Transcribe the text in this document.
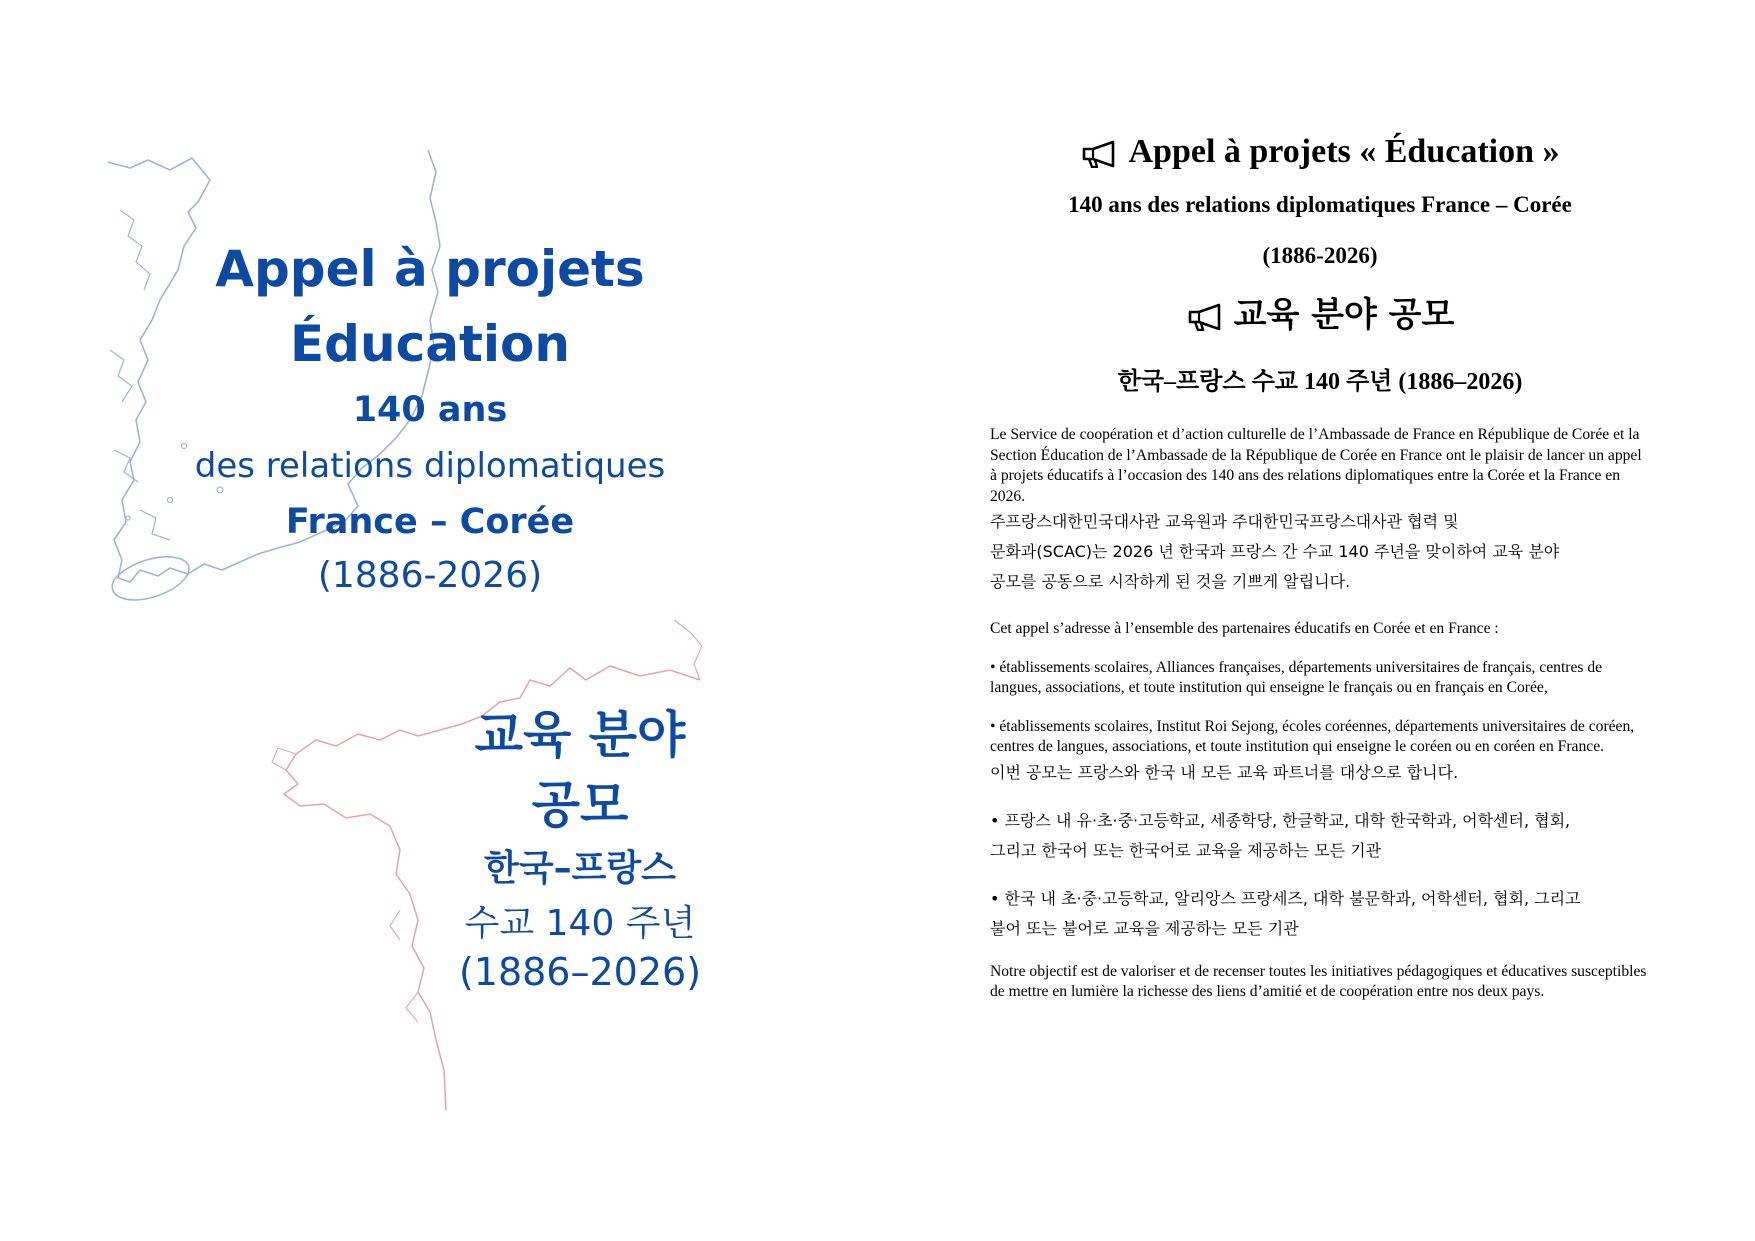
Appel à projets

Éducation

140 ans

des relations diplomatiques

France – Corée

(1886-2026)

교육 분야

공모

한국–프랑스

수교 140 주년

(1886–2026)

Appel à projets « Éducation »

140 ans des relations diplomatiques France – Corée

(1886-2026)

교육 분야 공모

한국–프랑스 수교 140 주년 (1886–2026)

Le Service de coopération et d’action culturelle de l’Ambassade de France en République de Corée et la Section Éducation de l’Ambassade de la République de Corée en France ont le plaisir de lancer un appel à projets éducatifs à l’occasion des 140 ans des relations diplomatiques entre la Corée et la France en 2026.

주프랑스대한민국대사관 교육원과 주대한민국프랑스대사관 협력 및

문화과(SCAC)는 2026 년 한국과 프랑스 간 수교 140 주년을 맞이하여 교육 분야

공모를 공동으로 시작하게 된 것을 기쁘게 알립니다.

Cet appel s’adresse à l’ensemble des partenaires éducatifs en Corée et en France :

• établissements scolaires, Alliances françaises, départements universitaires de français, centres de langues, associations, et toute institution qui enseigne le français ou en français en Corée,

• établissements scolaires, Institut Roi Sejong, écoles coréennes, départements universitaires de coréen, centres de langues, associations, et toute institution qui enseigne le coréen ou en coréen en France.

이번 공모는 프랑스와 한국 내 모든 교육 파트너를 대상으로 합니다.

• 프랑스 내 유·초·중·고등학교, 세종학당, 한글학교, 대학 한국학과, 어학센터, 협회,

그리고 한국어 또는 한국어로 교육을 제공하는 모든 기관

• 한국 내 초·중·고등학교, 알리앙스 프랑세즈, 대학 불문학과, 어학센터, 협회, 그리고

불어 또는 불어로 교육을 제공하는 모든 기관

Notre objectif est de valoriser et de recenser toutes les initiatives pédagogiques et éducatives susceptibles de mettre en lumière la richesse des liens d’amitié et de coopération entre nos deux pays.
